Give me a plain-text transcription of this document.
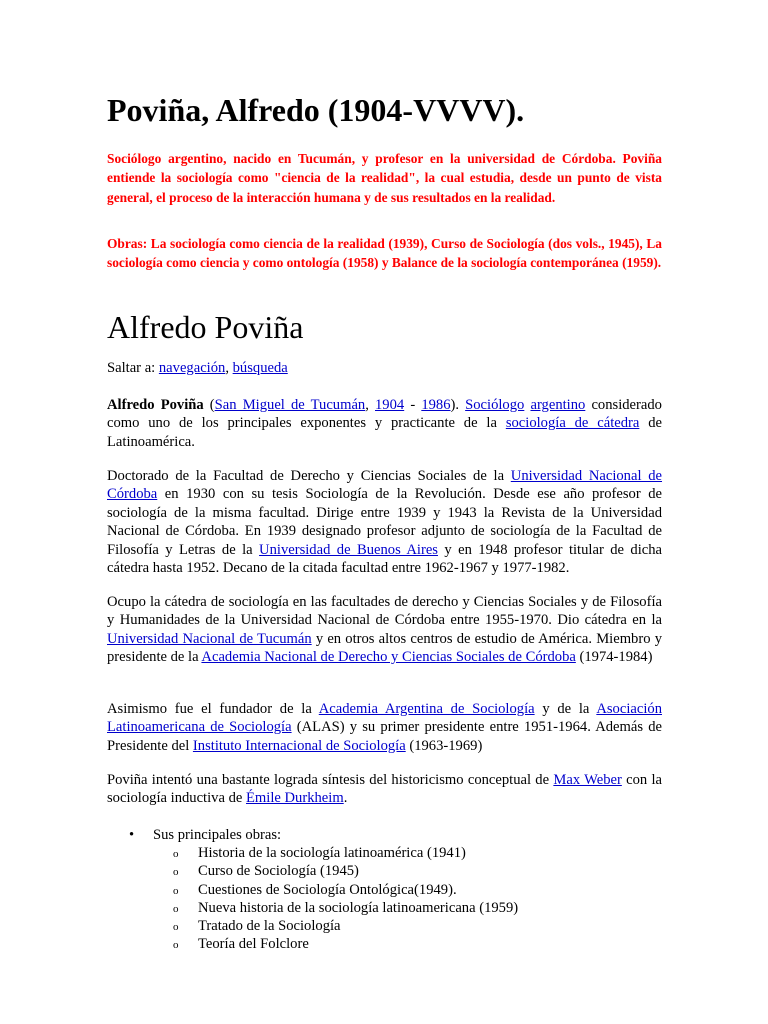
Poviña, Alfredo (1904-VVVV).

Sociólogo argentino, nacido en Tucumán, y profesor en la universidad de Córdoba. Poviña entiende la sociología como "ciencia de la realidad", la cual estudia, desde un punto de vista general, el proceso de la interacción humana y de sus resultados en la realidad.

Obras: La sociología como ciencia de la realidad (1939), Curso de Sociología (dos vols., 1945), La sociología como ciencia y como ontología (1958) y Balance de la sociología contemporánea (1959).

Alfredo Poviña

Saltar a: navegación, búsqueda

Alfredo Poviña (San Miguel de Tucumán, 1904 - 1986). Sociólogo argentino considerado como uno de los principales exponentes y practicante de la sociología de cátedra de Latinoamérica.

Doctorado de la Facultad de Derecho y Ciencias Sociales de la Universidad Nacional de Córdoba en 1930 con su tesis Sociología de la Revolución. Desde ese año profesor de sociología de la misma facultad. Dirige entre 1939 y 1943 la Revista de la Universidad Nacional de Córdoba. En 1939 designado profesor adjunto de sociología de la Facultad de Filosofía y Letras de la Universidad de Buenos Aires y en 1948 profesor titular de dicha cátedra hasta 1952. Decano de la citada facultad entre 1962-1967 y 1977-1982.

Ocupo la cátedra de sociología en las facultades de derecho y Ciencias Sociales y de Filosofía y Humanidades de la Universidad Nacional de Córdoba entre 1955-1970. Dio cátedra en la Universidad Nacional de Tucumán y en otros altos centros de estudio de América. Miembro y presidente de la Academia Nacional de Derecho y Ciencias Sociales de Córdoba (1974-1984)

Asimismo fue el fundador de la Academia Argentina de Sociología y de la Asociación Latinoamericana de Sociología (ALAS) y su primer presidente entre 1951-1964. Además de Presidente del Instituto Internacional de Sociología (1963-1969)

Poviña intentó una bastante lograda síntesis del historicismo conceptual de Max Weber con la sociología inductiva de Émile Durkheim.

• Sus principales obras:
o Historia de la sociología latinoamérica (1941)
o Curso de Sociología (1945)
o Cuestiones de Sociología Ontológica(1949).
o Nueva historia de la sociología latinoamericana (1959)
o Tratado de la Sociología
o Teoría del Folclore
